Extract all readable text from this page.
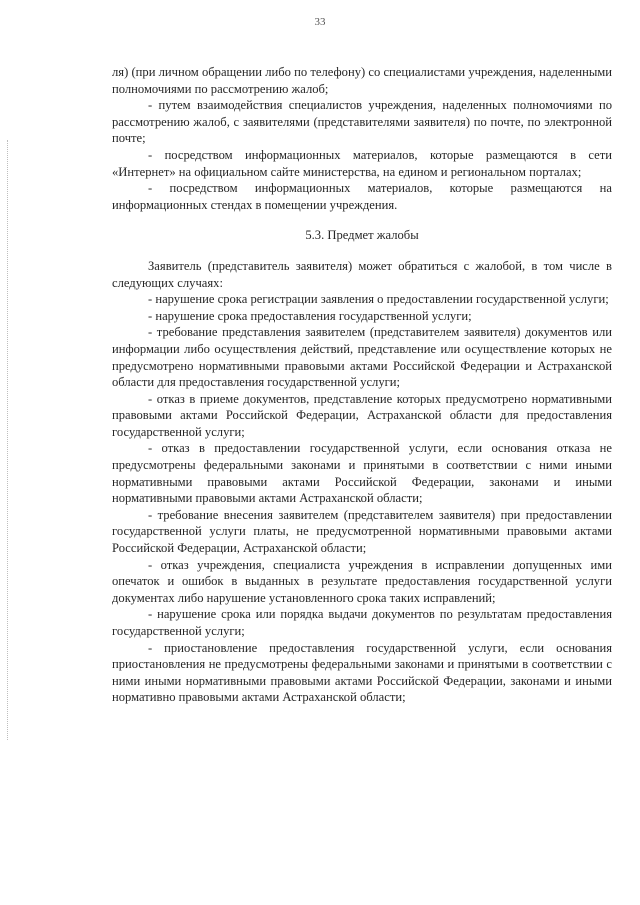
33

ля) (при личном обращении либо по телефону) со специалистами учреждения, наделенными полномочиями по рассмотрению жалоб;

- путем взаимодействия специалистов учреждения, наделенных полномочиями по рассмотрению жалоб, с заявителями (представителями заявителя) по почте, по электронной почте;

- посредством информационных материалов, которые размещаются в сети «Интернет» на официальном сайте министерства, на едином и региональном порталах;

- посредством информационных материалов, которые размещаются на информационных стендах в помещении учреждения.

5.3. Предмет жалобы

Заявитель (представитель заявителя) может обратиться с жалобой, в том числе в следующих случаях:

- нарушение срока регистрации заявления о предоставлении государственной услуги;

- нарушение срока предоставления государственной услуги;

- требование представления заявителем (представителем заявителя) документов или информации либо осуществления действий, представление или осуществление которых не предусмотрено нормативными правовыми актами Российской Федерации и Астраханской области для предоставления государственной услуги;

- отказ в приеме документов, представление которых предусмотрено нормативными правовыми актами Российской Федерации, Астраханской области для предоставления государственной услуги;

- отказ в предоставлении государственной услуги, если основания отказа не предусмотрены федеральными законами и принятыми в соответствии с ними иными нормативными правовыми актами Российской Федерации, законами и иными нормативными правовыми актами Астраханской области;

- требование внесения заявителем (представителем заявителя) при предоставлении государственной услуги платы, не предусмотренной нормативными правовыми актами Российской Федерации, Астраханской области;

- отказ учреждения, специалиста учреждения в исправлении допущенных ими опечаток и ошибок в выданных в результате предоставления государственной услуги документах либо нарушение установленного срока таких исправлений;

- нарушение срока или порядка выдачи документов по результатам предоставления государственной услуги;

- приостановление предоставления государственной услуги, если основания приостановления не предусмотрены федеральными законами и принятыми в соответствии с ними иными нормативными правовыми актами Российской Федерации, законами и иными нормативно правовыми актами Астраханской области;
